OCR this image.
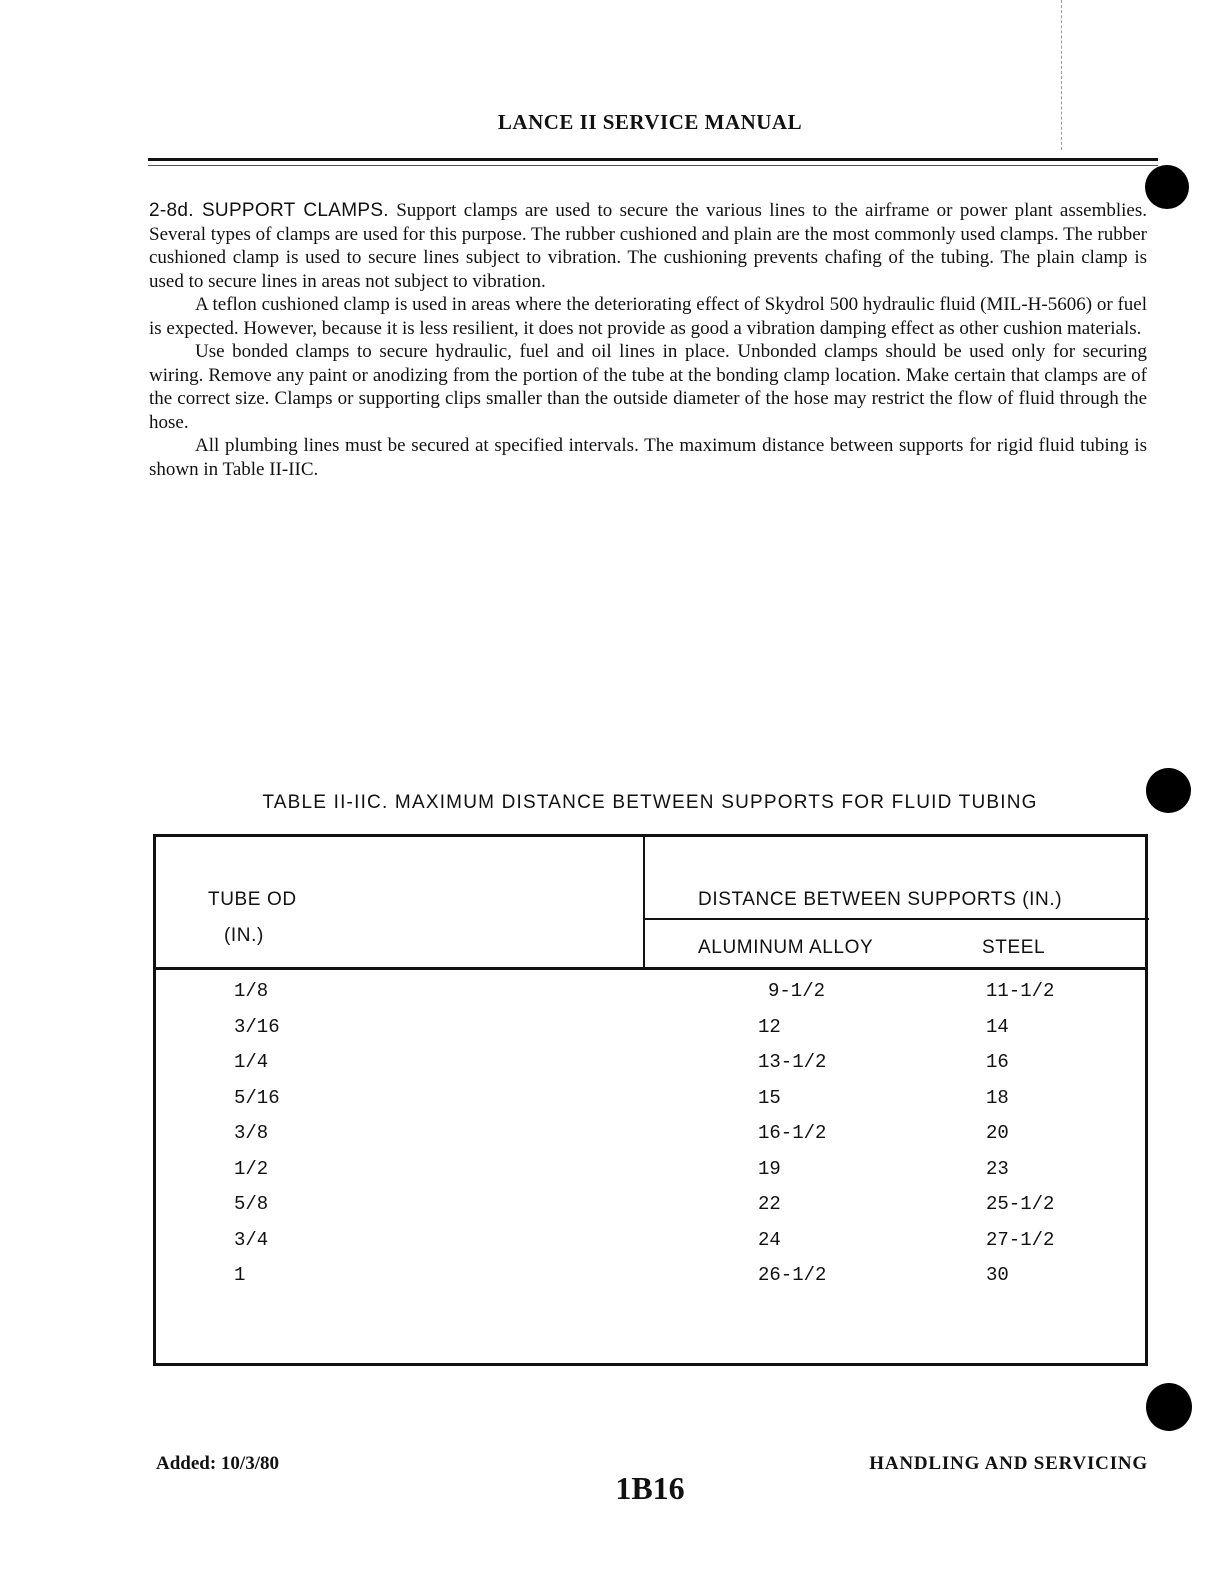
LANCE II SERVICE MANUAL

2-8d. SUPPORT CLAMPS. Support clamps are used to secure the various lines to the airframe or power plant assemblies. Several types of clamps are used for this purpose. The rubber cushioned and plain are the most commonly used clamps. The rubber cushioned clamp is used to secure lines subject to vibration. The cushioning prevents chafing of the tubing. The plain clamp is used to secure lines in areas not subject to vibration.

A teflon cushioned clamp is used in areas where the deteriorating effect of Skydrol 500 hydraulic fluid (MIL-H-5606) or fuel is expected. However, because it is less resilient, it does not provide as good a vibration damping effect as other cushion materials.

Use bonded clamps to secure hydraulic, fuel and oil lines in place. Unbonded clamps should be used only for securing wiring. Remove any paint or anodizing from the portion of the tube at the bonding clamp location. Make certain that clamps are of the correct size. Clamps or supporting clips smaller than the outside diameter of the hose may restrict the flow of fluid through the hose.

All plumbing lines must be secured at specified intervals. The maximum distance between supports for rigid fluid tubing is shown in Table II-IIC.

TABLE II-IIC. MAXIMUM DISTANCE BETWEEN SUPPORTS FOR FLUID TUBING
TUBE OD
(IN.)
DISTANCE BETWEEN SUPPORTS (IN.)
ALUMINUM ALLOY	STEEL
1/8	9-1/2	11-1/2
3/16	12	14
1/4	13-1/2	16
5/16	15	18
3/8	16-1/2	20
1/2	19	23
5/8	22	25-1/2
3/4	24	27-1/2
1	26-1/2	30
Added: 10/3/80
1B16
HANDLING AND SERVICING
